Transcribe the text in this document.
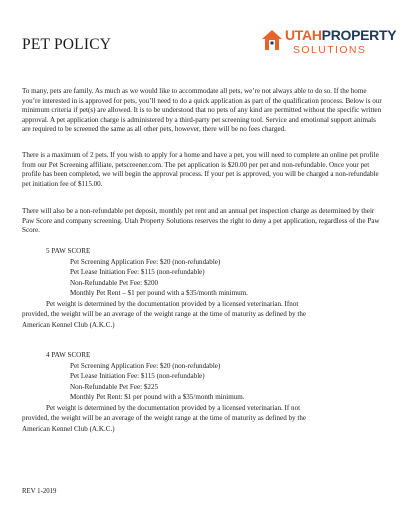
PET POLICY
UTAHPROPERTY
SOLUTIONS

To many, pets are family. As much as we would like to accommodate all pets, we’re not always able to do so. If the home you’re interested in is approved for pets, you’ll need to do a quick application as part of the qualification process. Below is our minimum criteria if pet(s) are allowed. It is to be understood that no pets of any kind are permitted without the specific written approval. A pet application charge is administered by a third-party pet screening tool. Service and emotional support animals are required to be screened the same as all other pets, however, there will be no fees charged.

There is a maximum of 2 pets. If you wish to apply for a home and have a pet, you will need to complete an online pet profile from our Pet Screening affiliate, petscreener.com. The pet application is $20.00 per pet and non-refundable. Once your pet profile has been completed, we will begin the approval process. If your pet is approved, you will be charged a non-refundable pet initiation fee of $115.00.

There will also be a non-refundable pet deposit, monthly pet rent and an annual pet inspection charge as determined by their Paw Score and company screening. Utah Property Solutions reserves the right to deny a pet application, regardless of the Paw Score.

5 PAW SCORE
Pet Screening Application Fee: $20 (non-refundable)
Pet Lease Initiation Fee: $115 (non-refundable)
Non-Refundable Pet Fee: $200
Monthly Pet Rent – $1 per pound with a $35/month minimum.
Pet weight is determined by the documentation provided by a licensed veterinarian. Ifnot provided, the weight will be an average of the weight range at the time of maturity as defined by the American Kennel Club (A.K.C.)
4 PAW SCORE
Pet Screening Application Fee: $20 (non-refundable)
Pet Lease Initiation Fee: $115 (non-refundable)
Non-Refundable Pet Fee: $225
Monthly Pet Rent: $1 per pound with a $35/month minimum.
Pet weight is determined by the documentation provided by a licensed veterinarian. If not provided, the weight will be an average of the weight range at the time of maturity as defined by the American Kennel Club (A.K.C.)
REV 1-2019
